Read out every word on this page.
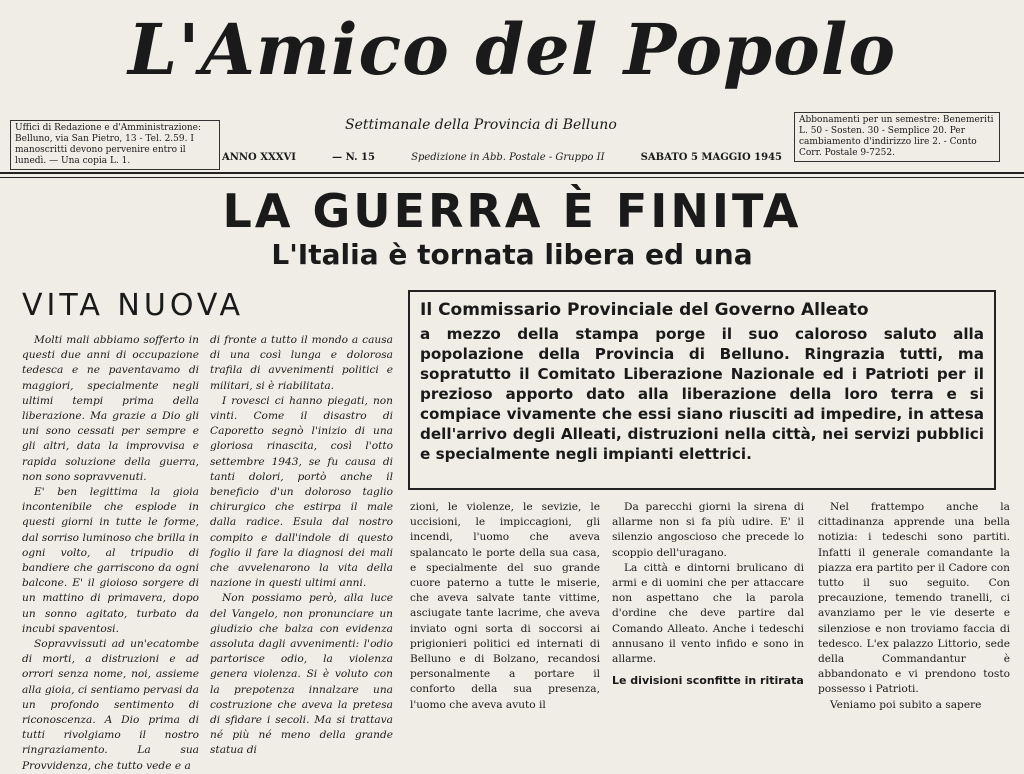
L'Amico del Popolo
Uffici di Redazione e d'Amministrazione: Belluno, via San Pietro, 13 - Tel. 2.59. I manoscritti devono pervenire entro il lunedì. — Una copia L. 1.
Settimanale della Provincia di Belluno	Abbonamenti per un semestre: Benemeriti L. 50 - Sosten. 30 - Semplice 20. Per cambiamento d'indirizzo lire 2. - Conto Corr. Postale 9-7252.
ANNO XXXVI	— N. 15	Spedizione in Abb. Postale - Gruppo II	SABATO 5 MAGGIO 1945
LA GUERRA È FINITA
L'Italia è tornata libera ed una
VITA NUOVA

Molti mali abbiamo sofferto in questi due anni di occupazione tedesca e ne paventavamo di maggiori, specialmente negli ultimi tempi prima della liberazione. Ma grazie a Dio gli uni sono cessati per sempre e gli altri, data la improvvisa e rapida soluzione della guerra, non sono sopravvenuti.

E' ben legittima la gioia incontenibile che esplode in questi giorni in tutte le forme, dal sorriso luminoso che brilla in ogni volto, al tripudio di bandiere che garriscono da ogni balcone. E' il gioioso sorgere di un mattino di primavera, dopo un sonno agitato, turbato da incubi spaventosi.

Sopravvissuti ad un'ecatombe di morti, a distruzioni e ad orrori senza nome, noi, assieme alla gioia, ci sentiamo pervasi da un profondo sentimento di riconoscenza. A Dio prima di tutti rivolgiamo il nostro ringraziamento. La sua Provvidenza, che tutto vede e a

di fronte a tutto il mondo a causa di una così lunga e dolorosa trafila di avvenimenti politici e militari, si è riabilitata.

I rovesci ci hanno piegati, non vinti. Come il disastro di Caporetto segnò l'inizio di una gloriosa rinascita, così l'otto settembre 1943, se fu causa di tanti dolori, portò anche il beneficio d'un doloroso taglio chirurgico che estirpa il male dalla radice. Esula dal nostro compito e dall'indole di questo foglio il fare la diagnosi dei mali che avvelenarono la vita della nazione in questi ultimi anni.

Non possiamo però, alla luce del Vangelo, non pronunciare un giudizio che balza con evidenza assoluta dagli avvenimenti: l'odio partorisce odio, la violenza genera violenza. Si è voluto con la prepotenza innalzare una costruzione che aveva la pretesa di sfidare i secoli. Ma si trattava né più né meno della grande statua di

Il Commissario Provinciale del Governo Alleato
a mezzo della stampa porge il suo caloroso saluto alla popolazione della Provincia di Belluno. Ringrazia tutti, ma sopratutto il Comitato Liberazione Nazionale ed i Patrioti per il prezioso apporto dato alla liberazione della loro terra e si compiace vivamente che essi siano riusciti ad impedire, in attesa dell'arrivo degli Alleati, distruzioni nella città, nei servizi pubblici e specialmente negli impianti elettrici.

zioni, le violenze, le sevizie, le uccisioni, le impiccagioni, gli incendi, l'uomo che aveva spalancato le porte della sua casa, e specialmente del suo grande cuore paterno a tutte le miserie, che aveva salvate tante vittime, asciugate tante lacrime, che aveva inviato ogni sorta di soccorsi ai prigionieri politici ed internati di Belluno e di Bolzano, recandosi personalmente a portare il conforto della sua presenza, l'uomo che aveva avuto il

Da parecchi giorni la sirena di allarme non si fa più udire. E' il silenzio angoscioso che precede lo scoppio dell'uragano.

La città e dintorni brulicano di armi e di uomini che per attaccare non aspettano che la parola d'ordine che deve partire dal Comando Alleato. Anche i tedeschi annusano il vento infido e sono in allarme.

Le divisioni sconfitte in ritirata

Nel frattempo anche la cittadinanza apprende una bella notizia: i tedeschi sono partiti. Infatti il generale comandante la piazza era partito per il Cadore con tutto il suo seguito. Con precauzione, temendo tranelli, ci avanziamo per le vie deserte e silenziose e non troviamo faccia di tedesco. L'ex palazzo Littorio, sede della Commandantur è abbandonato e vi prendono tosto possesso i Patrioti.

Veniamo poi subito a sapere
